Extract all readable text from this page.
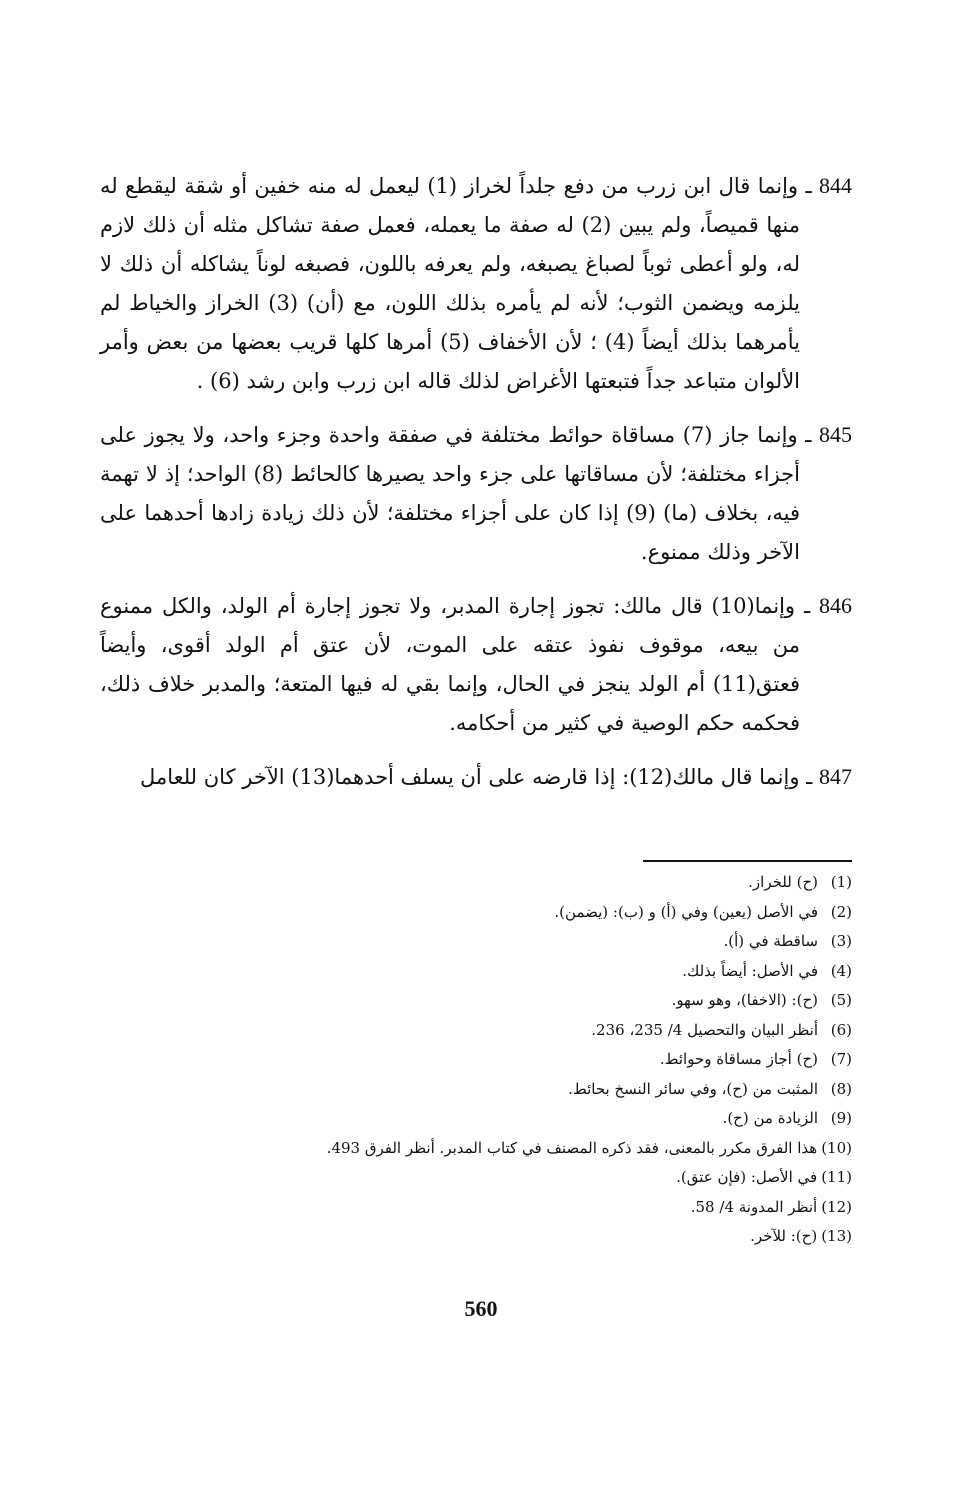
844 ـ وإنما قال ابن زرب من دفع جلداً لخراز (1) ليعمل له منه خفين أو شقة ليقطع له منها قميصاً، ولم يبين (2) له صفة ما يعمله، فعمل صفة تشاكل مثله أن ذلك لازم له، ولو أعطى ثوباً لصباغ يصبغه، ولم يعرفه باللون، فصبغه لوناً يشاكله أن ذلك لا يلزمه ويضمن الثوب؛ لأنه لم يأمره بذلك اللون، مع (أن) (3) الخراز والخياط لم يأمرهما بذلك أيضاً (4) ؛ لأن الأخفاف (5) أمرها كلها قريب بعضها من بعض وأمر الألوان متباعد جداً فتبعتها الأغراض لذلك قاله ابن زرب وابن رشد (6) .

845 ـ وإنما جاز (7) مساقاة حوائط مختلفة في صفقة واحدة وجزء واحد، ولا يجوز على أجزاء مختلفة؛ لأن مساقاتها على جزء واحد يصيرها كالحائط (8) الواحد؛ إذ لا تهمة فيه، بخلاف (ما) (9) إذا كان على أجزاء مختلفة؛ لأن ذلك زيادة زادها أحدهما على الآخر وذلك ممنوع.

846 ـ وإنما(10) قال مالك: تجوز إجارة المدبر، ولا تجوز إجارة أم الولد، والكل ممنوع من بيعه، موقوف نفوذ عتقه على الموت، لأن عتق أم الولد أقوى، وأيضاً فعتق(11) أم الولد ينجز في الحال، وإنما بقي له فيها المتعة؛ والمدبر خلاف ذلك، فحكمه حكم الوصية في كثير من أحكامه.

847 ـ وإنما قال مالك(12): إذا قارضه على أن يسلف أحدهما(13) الآخر كان للعامل

(1)(ح) للخراز.
(2)في الأصل (يعين) وفي (أ) و (ب): (يضمن).
(3)ساقطة في (أ).
(4)في الأصل: أيضاً بذلك.
(5)(ح): (الاخفا)، وهو سهو.
(6)أنظر البيان والتحصيل 4/ 235، 236.
(7)(ح) أجاز مساقاة وحوائط.
(8)المثبت من (ح)، وفي سائر النسخ بحائط.
(9)الزيادة من (ح).
(10)هذا الفرق مكرر بالمعنى، فقد ذكره المصنف في كتاب المدبر. أنظر الفرق 493.
(11)في الأصل: (فإن عتق).
(12)أنظر المدونة 4/ 58.
(13)(ح): للآخر.
560
